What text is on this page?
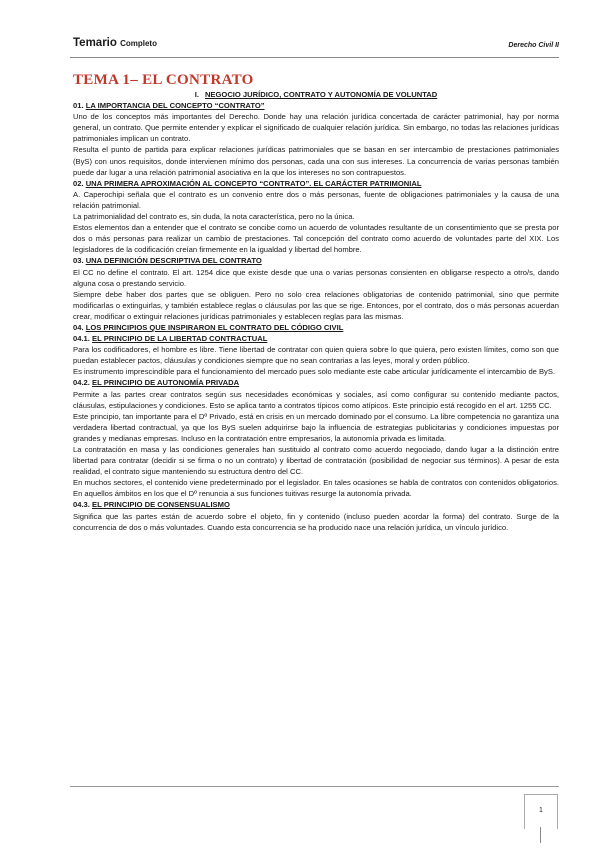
Temario Completo	Derecho Civil II
TEMA 1– EL CONTRATO
I. NEGOCIO JURÍDICO, CONTRATO Y AUTONOMÍA DE VOLUNTAD
01. LA IMPORTANCIA DEL CONCEPTO “CONTRATO”

Uno de los conceptos más importantes del Derecho. Donde hay una relación jurídica concertada de carácter patrimonial, hay por norma general, un contrato. Que permite entender y explicar el significado de cualquier relación jurídica. Sin embargo, no todas las relaciones jurídicas patrimoniales implican un contrato.

Resulta el punto de partida para explicar relaciones jurídicas patrimoniales que se basan en ser intercambio de prestaciones patrimoniales (ByS) con unos requisitos, donde intervienen mínimo dos personas, cada una con sus intereses. La concurrencia de varias personas también puede dar lugar a una relación patrimonial asociativa en la que los intereses no son contrapuestos.

02. UNA PRIMERA APROXIMACIÓN AL CONCEPTO “CONTRATO”. EL CARÁCTER PATRIMONIAL

A. Caperochipi señala que el contrato es un convenio entre dos o más personas, fuente de obligaciones patrimoniales y la causa de una relación patrimonial.

La patrimonialidad del contrato es, sin duda, la nota característica, pero no la única.

Estos elementos dan a entender que el contrato se concibe como un acuerdo de voluntades resultante de un consentimiento que se presta por dos o más personas para realizar un cambio de prestaciones. Tal concepción del contrato como acuerdo de voluntades parte del XIX. Los legisladores de la codificación creían firmemente en la igualdad y libertad del hombre.

03. UNA DEFINICIÓN DESCRIPTIVA DEL CONTRATO

El CC no define el contrato. El art. 1254 dice que existe desde que una o varias personas consienten en obligarse respecto a otro/s, dando alguna cosa o prestando servicio.

Siempre debe haber dos partes que se obliguen. Pero no solo crea relaciones obligatorias de contenido patrimonial, sino que permite modificarlas o extinguirlas, y también establece reglas o cláusulas por las que se rige. Entonces, por el contrato, dos o más personas acuerdan crear, modificar o extinguir relaciones jurídicas patrimoniales y establecen reglas para las mismas.

04. LOS PRINCIPIOS QUE INSPIRARON EL CONTRATO DEL CÓDIGO CIVIL
04.1. EL PRINCIPIO DE LA LIBERTAD CONTRACTUAL

Para los codificadores, el hombre es libre. Tiene libertad de contratar con quien quiera sobre lo que quiera, pero existen límites, como son que puedan establecer pactos, cláusulas y condiciones siempre que no sean contrarias a las leyes, moral y orden público.

Es instrumento imprescindible para el funcionamiento del mercado pues solo mediante este cabe articular jurídicamente el intercambio de ByS.

04.2. EL PRINCIPIO DE AUTONOMÍA PRIVADA

Permite a las partes crear contratos según sus necesidades económicas y sociales, así como configurar su contenido mediante pactos, cláusulas, estipulaciones y condiciones. Esto se aplica tanto a contratos típicos como atípicos. Este principio está recogido en el art. 1255 CC.

Este principio, tan importante para el Dº Privado, está en crisis en un mercado dominado por el consumo. La libre competencia no garantiza una verdadera libertad contractual, ya que los ByS suelen adquirirse bajo la influencia de estrategias publicitarias y condiciones impuestas por grandes y medianas empresas. Incluso en la contratación entre empresarios, la autonomía privada es limitada.

La contratación en masa y las condiciones generales han sustituido al contrato como acuerdo negociado, dando lugar a la distinción entre libertad para contratar (decidir si se firma o no un contrato) y libertad de contratación (posibilidad de negociar sus términos). A pesar de esta realidad, el contrato sigue manteniendo su estructura dentro del CC.

En muchos sectores, el contenido viene predeterminado por el legislador. En tales ocasiones se habla de contratos con contenidos obligatorios. En aquellos ámbitos en los que el Dº renuncia a sus funciones tuitivas resurge la autonomía privada.

04.3. EL PRINCIPIO DE CONSENSUALISMO

Significa que las partes están de acuerdo sobre el objeto, fin y contenido (incluso pueden acordar la forma) del contrato. Surge de la concurrencia de dos o más voluntades. Cuando esta concurrencia se ha producido nace una relación jurídica, un vínculo jurídico.

1
